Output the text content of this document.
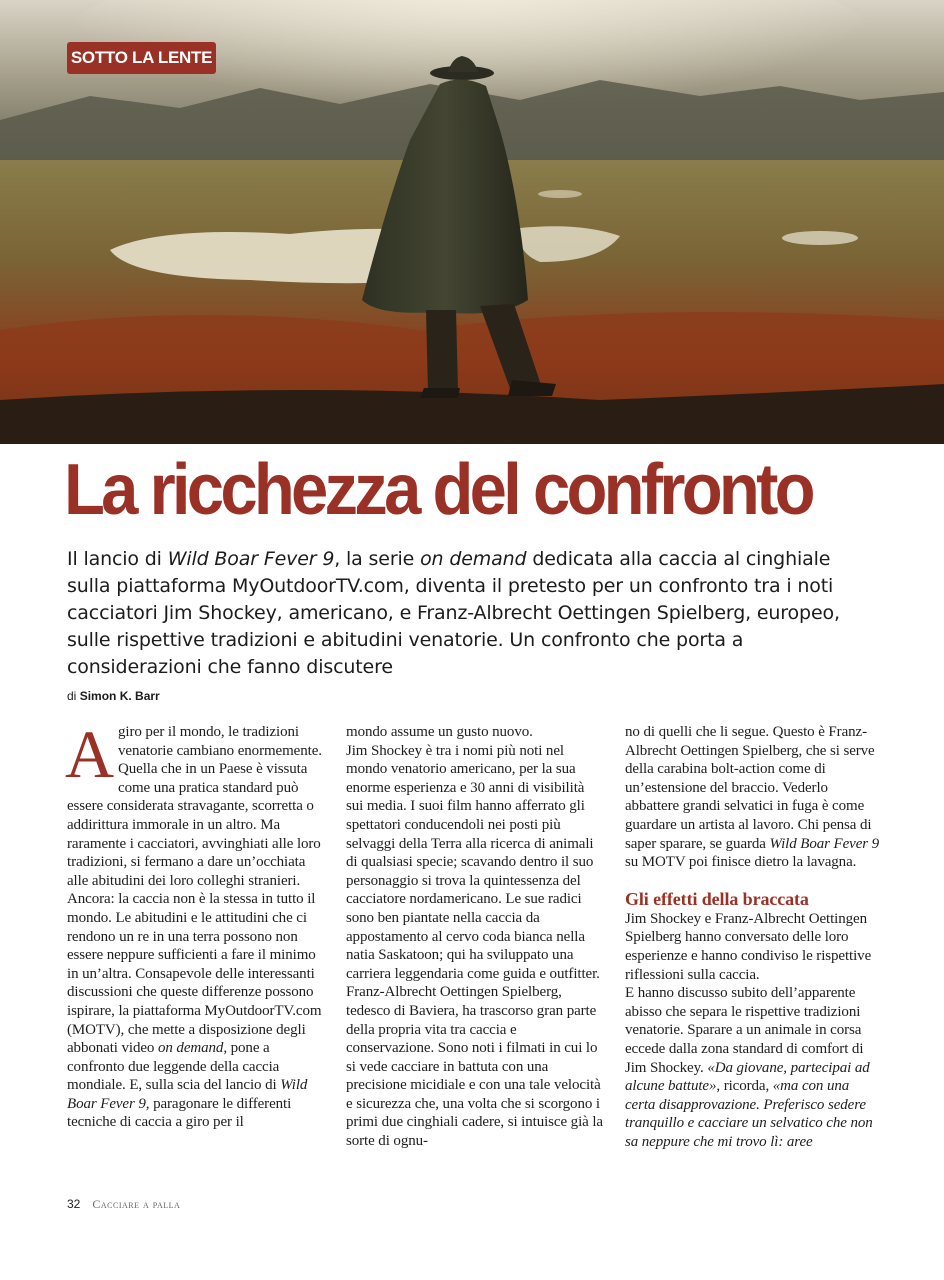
SOTTO LA LENTE
La ricchezza del confronto

Il lancio di Wild Boar Fever 9, la serie on demand dedicata alla caccia al cinghiale sulla piattaforma MyOutdoorTV.com, diventa il pretesto per un confronto tra i noti cacciatori Jim Shockey, americano, e Franz-Albrecht Oettingen Spielberg, europeo, sulle rispettive tradizioni e abitudini venatorie. Un confronto che porta a considerazioni che fanno discutere

di Simon K. Barr

Agiro per il mondo, le tradizioni venatorie cambiano enormemente. Quella che in un Paese è vissuta come una pratica standard può essere considerata stravagante, scorretta o addirittura immorale in un altro. Ma raramente i cacciatori, avvinghiati alle loro tradizioni, si fermano a dare un’occhiata alle abitudini dei loro colleghi stranieri.

Ancora: la caccia non è la stessa in tutto il mondo. Le abitudini e le attitudini che ci rendono un re in una terra possono non essere neppure sufficienti a fare il minimo in un’altra. Consapevole delle interessanti discussioni che queste differenze possono ispirare, la piattaforma MyOutdoorTV.com (MOTV), che mette a disposizione degli abbonati video on demand, pone a confronto due leggende della caccia mondiale. E, sulla scia del lancio di Wild Boar Fever 9, paragonare le differenti tecniche di caccia a giro per il

mondo assume un gusto nuovo.

Jim Shockey è tra i nomi più noti nel mondo venatorio americano, per la sua enorme esperienza e 30 anni di visibilità sui media. I suoi film hanno afferrato gli spettatori conducendoli nei posti più selvaggi della Terra alla ricerca di animali di qualsiasi specie; scavando dentro il suo personaggio si trova la quintessenza del cacciatore nordamericano. Le sue radici sono ben piantate nella caccia da appostamento al cervo coda bianca nella natia Saskatoon; qui ha sviluppato una carriera leggendaria come guida e outfitter.

Franz-Albrecht Oettingen Spielberg, tedesco di Baviera, ha trascorso gran parte della propria vita tra caccia e conservazione. Sono noti i filmati in cui lo si vede cacciare in battuta con una precisione micidiale e con una tale velocità e sicurezza che, una volta che si scorgono i primi due cinghiali cadere, si intuisce già la sorte di ognu-

no di quelli che li segue. Questo è Franz-Albrecht Oettingen Spielberg, che si serve della carabina bolt-action come di un’estensione del braccio. Vederlo abbattere grandi selvatici in fuga è come guardare un artista al lavoro. Chi pensa di saper sparare, se guarda Wild Boar Fever 9 su MOTV poi finisce dietro la lavagna.

Gli effetti della braccata

Jim Shockey e Franz-Albrecht Oettingen Spielberg hanno conversato delle loro esperienze e hanno condiviso le rispettive riflessioni sulla caccia.

E hanno discusso subito dell’apparente abisso che separa le rispettive tradizioni venatorie. Sparare a un animale in corsa eccede dalla zona standard di comfort di Jim Shockey. «Da giovane, partecipai ad alcune battute», ricorda, «ma con una certa disapprovazione. Preferisco sedere tranquillo e cacciare un selvatico che non sa neppure che mi trovo lì: aree

32 Cacciare a palla
